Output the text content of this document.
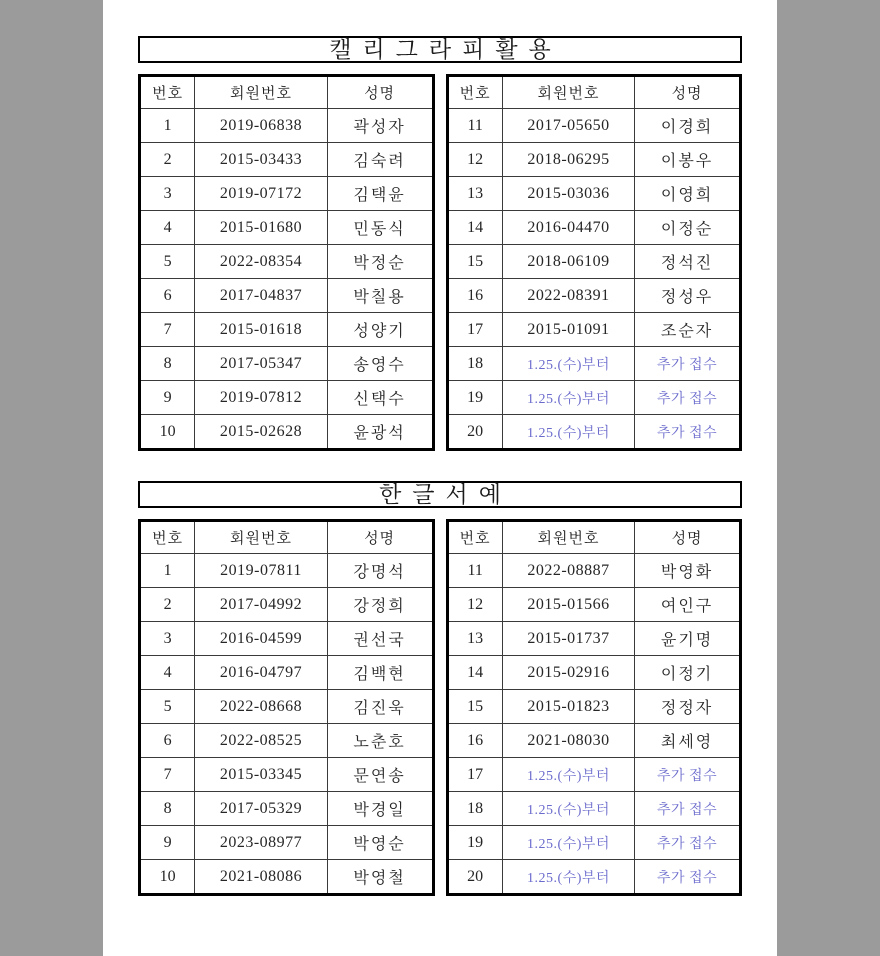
캘리그라피활용
번호	회원번호	성명
1	2019-06838	곽성자
2	2015-03433	김숙려
3	2019-07172	김택윤
4	2015-01680	민동식
5	2022-08354	박정순
6	2017-04837	박칠용
7	2015-01618	성양기
8	2017-05347	송영수
9	2019-07812	신택수
10	2015-02628	윤광석
번호	회원번호	성명
11	2017-05650	이경희
12	2018-06295	이봉우
13	2015-03036	이영희
14	2016-04470	이정순
15	2018-06109	정석진
16	2022-08391	정성우
17	2015-01091	조순자
18	1.25.(수)부터	추가 접수
19	1.25.(수)부터	추가 접수
20	1.25.(수)부터	추가 접수
한글서예
번호	회원번호	성명
1	2019-07811	강명석
2	2017-04992	강정희
3	2016-04599	권선국
4	2016-04797	김백현
5	2022-08668	김진욱
6	2022-08525	노춘호
7	2015-03345	문연송
8	2017-05329	박경일
9	2023-08977	박영순
10	2021-08086	박영철
번호	회원번호	성명
11	2022-08887	박영화
12	2015-01566	여인구
13	2015-01737	윤기명
14	2015-02916	이정기
15	2015-01823	정정자
16	2021-08030	최세영
17	1.25.(수)부터	추가 접수
18	1.25.(수)부터	추가 접수
19	1.25.(수)부터	추가 접수
20	1.25.(수)부터	추가 접수
